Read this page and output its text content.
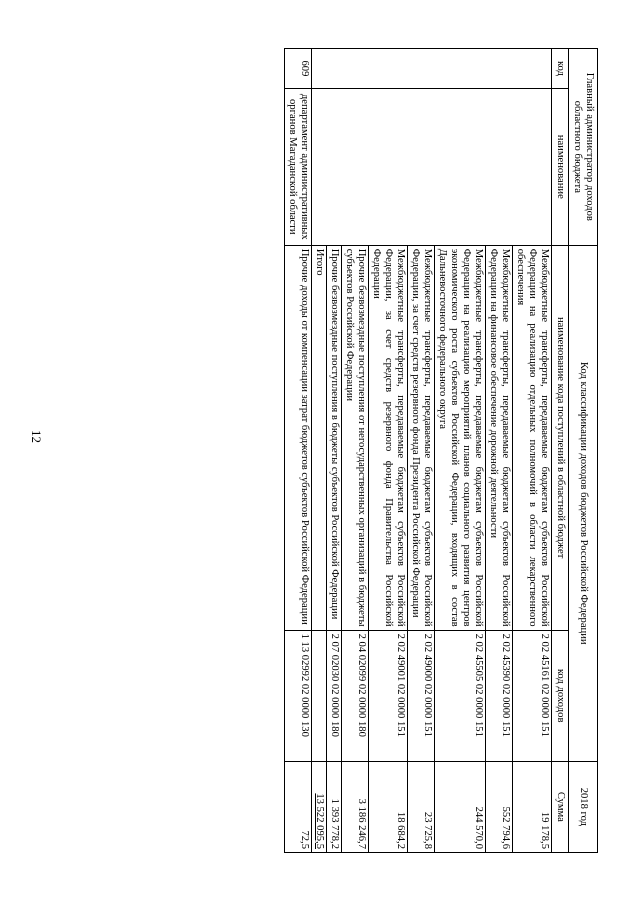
12
Главный администратор доходов областного бюджета		Код классификации доходов бюджетов Российской Федерации		2018 год
код	наименование	наименование кода поступлений в областной бюджет	код доходов	Сумма
		Межбюджетные трансферты, передаваемые бюджетам субъектов Российской Федерации на реализацию отдельных полномочий в области лекарственного обеспечения	2 02 45161 02 0000 151	19 178,5
		Межбюджетные трансферты, передаваемые бюджетам субъектов Российской Федерации на финансовое обеспечение дорожной деятельности	2 02 45390 02 0000 151	552 794,6
		Межбюджетные трансферты, передаваемые бюджетам субъектов Российской Федерации на реализацию мероприятий планов социального развития центров экономического роста субъектов Российской Федерации, входящих в состав Дальневосточного федерального округа	2 02 45505 02 0000 151	244 570,0
		Межбюджетные трансферты, передаваемые бюджетам субъектов Российской Федерации, за счет средств резервного фонда Президента Российской Федерации	2 02 49000 02 0000 151	23 725,8
		Межбюджетные трансферты, передаваемые бюджетам субъектов Российской Федерации, за счет средств резервного фонда Правительства Российской Федерации	2 02 49001 02 0000 151	18 684,2
		Прочие безвозмездные поступления от негосударственных организаций в бюджеты субъектов Российской Федерации	2 04 02099 02 0000 180	3 186 246,7
		Прочие безвозмездные поступления в бюджеты субъектов Российской Федерации	2 07 02030 02 0000 180	1 393 778,2
		Итого		13 522 095,5
609	департамент административных органов Магаданской области	Прочие доходы от компенсации затрат бюджетов субъектов Российской Федерации	1 13 02992 02 0000 130	72,5
